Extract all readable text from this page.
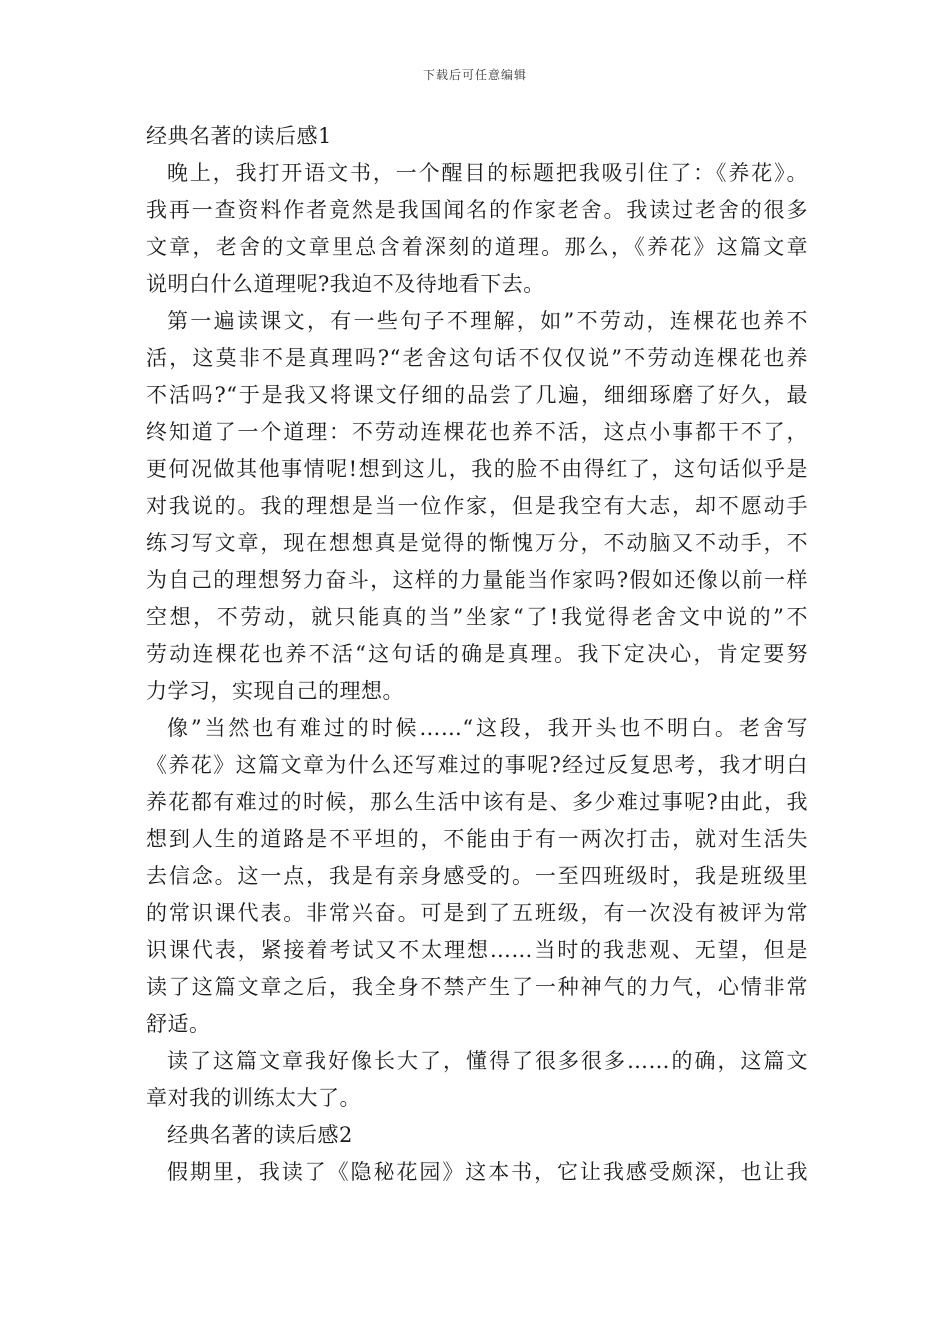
下载后可任意编辑
经典名著的读后感1
晚上，我打开语文书，一个醒目的标题把我吸引住了：《养花》。
我再一查资料作者竟然是我国闻名的作家老舍。我读过老舍的很多
文章，老舍的文章里总含着深刻的道理。那么，《养花》这篇文章
说明白什么道理呢?我迫不及待地看下去。
第一遍读课文，有一些句子不理解，如”不劳动，连棵花也养不
活，这莫非不是真理吗?“老舍这句话不仅仅说”不劳动连棵花也养
不活吗?“于是我又将课文仔细的品尝了几遍，细细琢磨了好久，最
终知道了一个道理：不劳动连棵花也养不活，这点小事都干不了，
更何况做其他事情呢!想到这儿，我的脸不由得红了，这句话似乎是
对我说的。我的理想是当一位作家，但是我空有大志，却不愿动手
练习写文章，现在想想真是觉得的惭愧万分，不动脑又不动手，不
为自己的理想努力奋斗，这样的力量能当作家吗?假如还像以前一样
空想，不劳动，就只能真的当”坐家“了!我觉得老舍文中说的”不
劳动连棵花也养不活“这句话的确是真理。我下定决心，肯定要努
力学习，实现自己的理想。
像”当然也有难过的时候……“这段，我开头也不明白。老舍写
《养花》这篇文章为什么还写难过的事呢?经过反复思考，我才明白
养花都有难过的时候，那么生活中该有是、多少难过事呢?由此，我
想到人生的道路是不平坦的，不能由于有一两次打击，就对生活失
去信念。这一点，我是有亲身感受的。一至四班级时，我是班级里
的常识课代表。非常兴奋。可是到了五班级，有一次没有被评为常
识课代表，紧接着考试又不太理想……当时的我悲观、无望，但是
读了这篇文章之后，我全身不禁产生了一种神气的力气，心情非常
舒适。
读了这篇文章我好像长大了，懂得了很多很多……的确，这篇文
章对我的训练太大了。
经典名著的读后感2
假期里，我读了《隐秘花园》这本书，它让我感受颇深，也让我
